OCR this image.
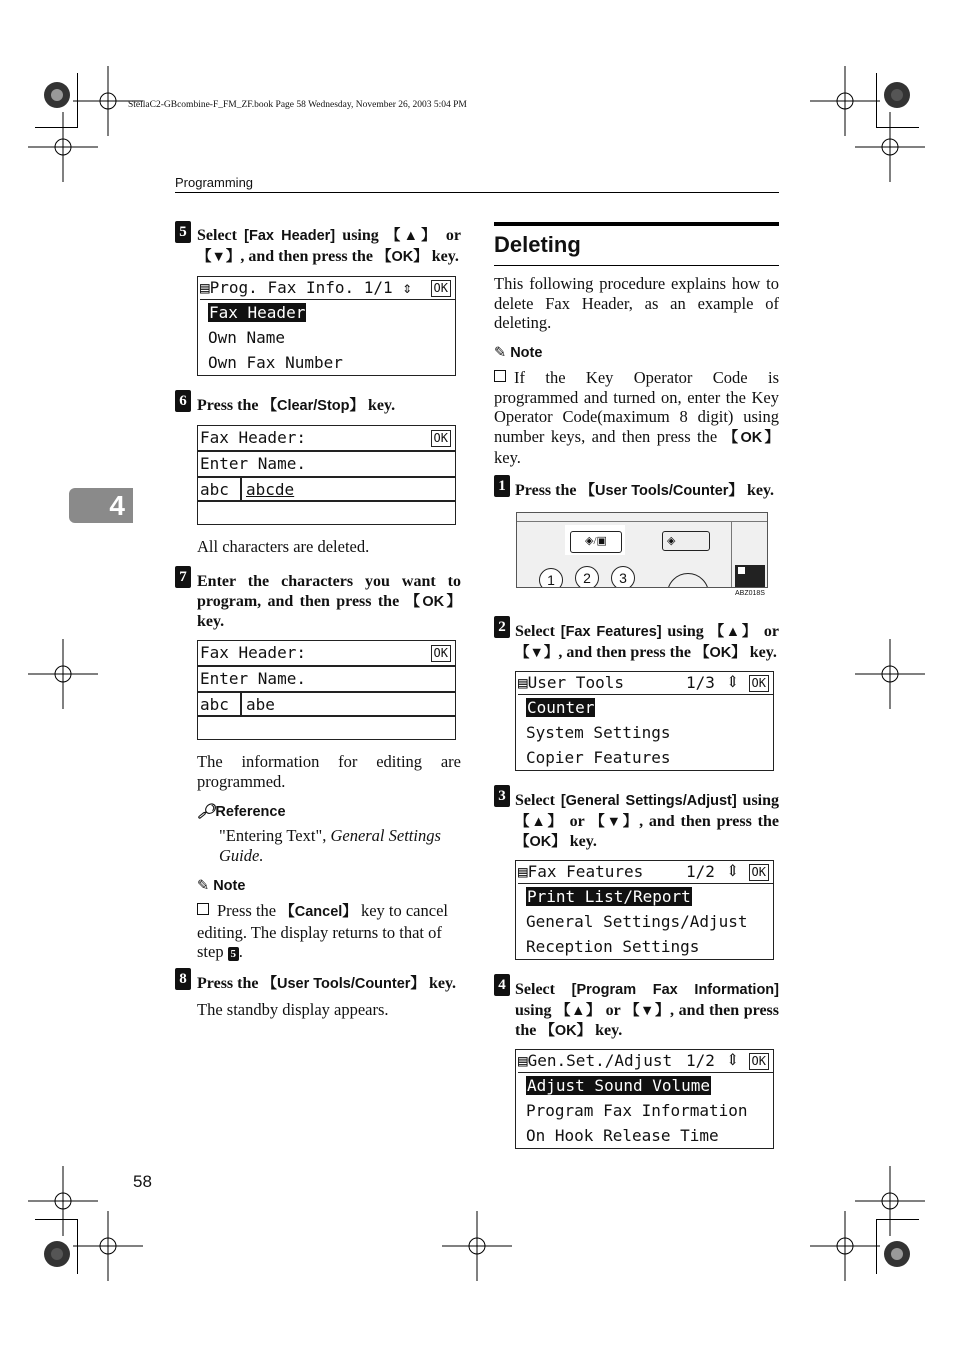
StellaC2-GBcombine-F_FM_ZF.book Page 58 Wednesday, November 26, 2003 5:04 PM
Programming
4
58
5 Select [Fax Header] using 【▲】 or 【▼】, and then press the 【OK】 key.
▤Prog. Fax Info. 1/1 ⇕	OK
Fax Header
Own Name
Own Fax Number
6 Press the 【Clear/Stop】 key.
Fax Header:	OK
Enter Name.
abc	abcde
All characters are deleted.
7 Enter the characters you want to program, and then press the 【OK】 key.
Fax Header:	OK
Enter Name.
abc	abe
The information for editing are programmed.
🔎︎Reference
"Entering Text", General Settings Guide.
✎ Note
Press the 【Cancel】 key to cancel editing. The display returns to that of step 5 .
8 Press the 【User Tools/Counter】 key.
The standby display appears.
Deleting
This following procedure explains how to delete Fax Header, as an example of deleting.
✎ Note
If the Key Operator Code is programmed and turned on, enter the Key Operator Code(maximum 8 digit) using number keys, and then press the 【OK】 key.
1 Press the 【User Tools/Counter】 key.
◈/▣	◈
1	2	3
ABZ018S
2 Select [Fax Features] using 【▲】 or 【▼】, and then press the 【OK】 key.
▤User Tools	1/3 ⇕ OK
Counter
System Settings
Copier Features
3 Select [General Settings/Adjust] using 【▲】 or 【▼】, and then press the 【OK】 key.
▤Fax Features	1/2 ⇕ OK
Print List/Report
General Settings/Adjust
Reception Settings
4 Select [Program Fax Information] using 【▲】 or 【▼】, and then press the 【OK】 key.
▤Gen.Set./Adjust 1/2 ⇕ OK
Adjust Sound Volume
Program Fax Information
On Hook Release Time
